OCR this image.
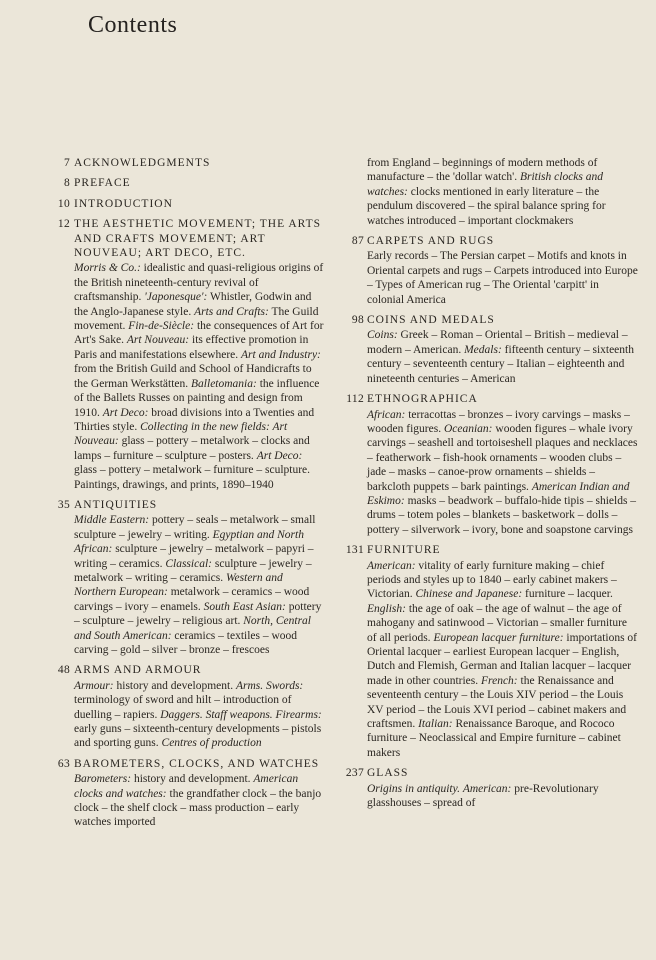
Contents
7 ACKNOWLEDGMENTS
8 PREFACE
10 INTRODUCTION
12 THE AESTHETIC MOVEMENT; THE ARTS AND CRAFTS MOVEMENT; ART NOUVEAU; ART DECO, ETC.

Morris & Co.: idealistic and quasi-religious origins of the British nineteenth-century revival of craftsmanship. 'Japonesque': Whistler, Godwin and the Anglo-Japanese style. Arts and Crafts: The Guild movement. Fin-de-Siècle: the consequences of Art for Art's Sake. Art Nouveau: its effective promotion in Paris and manifestations elsewhere. Art and Industry: from the British Guild and School of Handicrafts to the German Werkstätten. Balletomania: the influence of the Ballets Russes on painting and design from 1910. Art Deco: broad divisions into a Twenties and Thirties style. Collecting in the new fields: Art Nouveau: glass – pottery – metalwork – clocks and lamps – furniture – sculpture – posters. Art Deco: glass – pottery – metalwork – furniture – sculpture. Paintings, drawings, and prints, 1890–1940

35 ANTIQUITIES

Middle Eastern: pottery – seals – metalwork – small sculpture – jewelry – writing. Egyptian and North African: sculpture – jewelry – metalwork – papyri – writing – ceramics. Classical: sculpture – jewelry – metalwork – writing – ceramics. Western and Northern European: metalwork – ceramics – wood carvings – ivory – enamels. South East Asian: pottery – sculpture – jewelry – religious art. North, Central and South American: ceramics – textiles – wood carving – gold – silver – bronze – frescoes

48 ARMS AND ARMOUR

Armour: history and development. Arms. Swords: terminology of sword and hilt – introduction of duelling – rapiers. Daggers. Staff weapons. Firearms: early guns – sixteenth-century developments – pistols and sporting guns. Centres of production

63 BAROMETERS, CLOCKS, AND WATCHES

Barometers: history and development. American clocks and watches: the grandfather clock – the banjo clock – the shelf clock – mass production – early watches imported

from England – beginnings of modern methods of manufacture – the 'dollar watch'. British clocks and watches: clocks mentioned in early literature – the pendulum discovered – the spiral balance spring for watches introduced – important clockmakers

87 CARPETS AND RUGS

Early records – The Persian carpet – Motifs and knots in Oriental carpets and rugs – Carpets introduced into Europe – Types of American rug – The Oriental 'carpitt' in colonial America

98 COINS AND MEDALS

Coins: Greek – Roman – Oriental – British – medieval – modern – American. Medals: fifteenth century – sixteenth century – seventeenth century – Italian – eighteenth and nineteenth centuries – American

112 ETHNOGRAPHICA

African: terracottas – bronzes – ivory carvings – masks – wooden figures. Oceanian: wooden figures – whale ivory carvings – seashell and tortoiseshell plaques and necklaces – featherwork – fish-hook ornaments – wooden clubs – jade – masks – canoe-prow ornaments – shields – barkcloth puppets – bark paintings. American Indian and Eskimo: masks – beadwork – buffalo-hide tipis – shields – drums – totem poles – blankets – basketwork – dolls – pottery – silverwork – ivory, bone and soapstone carvings

131 FURNITURE

American: vitality of early furniture making – chief periods and styles up to 1840 – early cabinet makers – Victorian. Chinese and Japanese: furniture – lacquer. English: the age of oak – the age of walnut – the age of mahogany and satinwood – Victorian – smaller furniture of all periods. European lacquer furniture: importations of Oriental lacquer – earliest European lacquer – English, Dutch and Flemish, German and Italian lacquer – lacquer made in other countries. French: the Renaissance and seventeenth century – the Louis XIV period – the Louis XV period – the Louis XVI period – cabinet makers and craftsmen. Italian: Renaissance Baroque, and Rococo furniture – Neoclassical and Empire furniture – cabinet makers

237 GLASS

Origins in antiquity. American: pre-Revolutionary glasshouses – spread of
